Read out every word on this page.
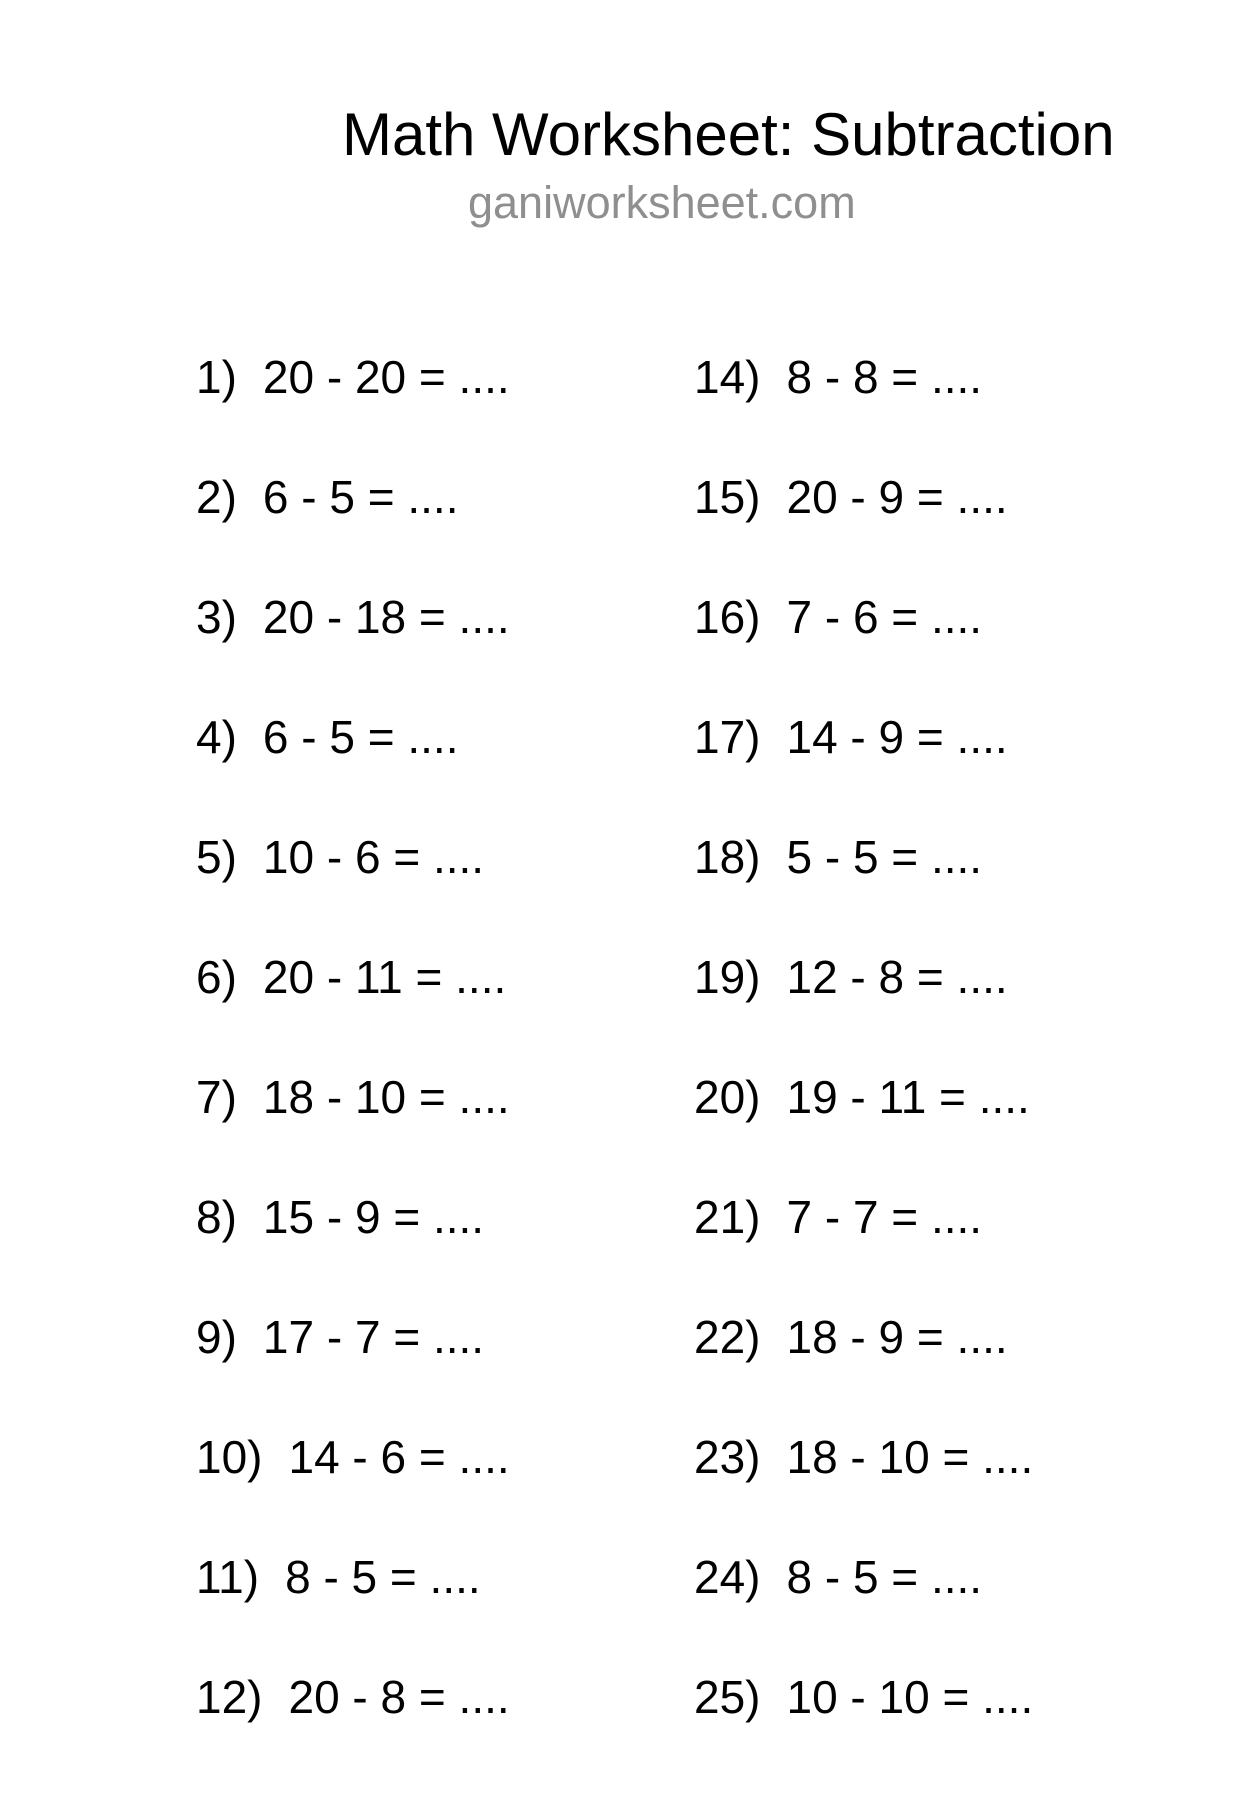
Math Worksheet: Subtraction
ganiworksheet.com
1) 20 - 20 = ....
2) 6 - 5 = ....
3) 20 - 18 = ....
4) 6 - 5 = ....
5) 10 - 6 = ....
6) 20 - 11 = ....
7) 18 - 10 = ....
8) 15 - 9 = ....
9) 17 - 7 = ....
10) 14 - 6 = ....
11) 8 - 5 = ....
12) 20 - 8 = ....
14) 8 - 8 = ....
15) 20 - 9 = ....
16) 7 - 6 = ....
17) 14 - 9 = ....
18) 5 - 5 = ....
19) 12 - 8 = ....
20) 19 - 11 = ....
21) 7 - 7 = ....
22) 18 - 9 = ....
23) 18 - 10 = ....
24) 8 - 5 = ....
25) 10 - 10 = ....
